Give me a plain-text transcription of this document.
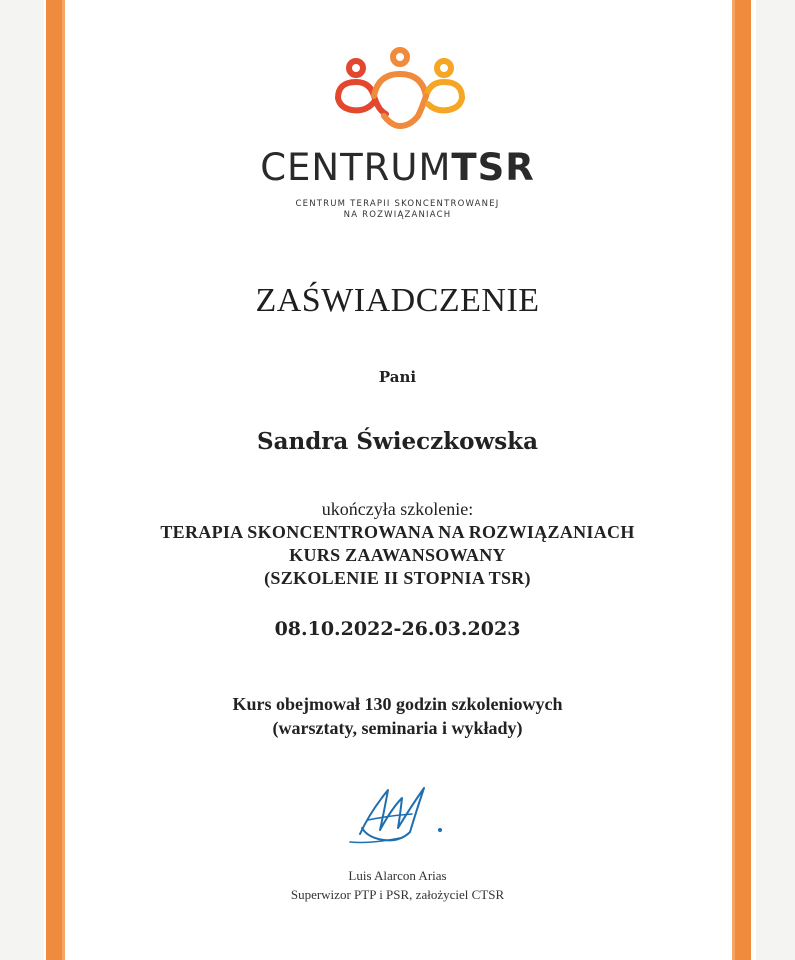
CENTRUMTSR
CENTRUM TERAPII SKONCENTROWANEJ
NA ROZWIĄZANIACH
ZAŚWIADCZENIE
Pani
Sandra Świeczkowska
ukończyła szkolenie:
TERAPIA SKONCENTROWANA NA ROZWIĄZANIACH
KURS ZAAWANSOWANY
(SZKOLENIE II STOPNIA TSR)
08.10.2022-26.03.2023
Kurs obejmował 130 godzin szkoleniowych
(warsztaty, seminaria i wykłady)
Luis Alarcon Arias
Superwizor PTP i PSR, założyciel CTSR
